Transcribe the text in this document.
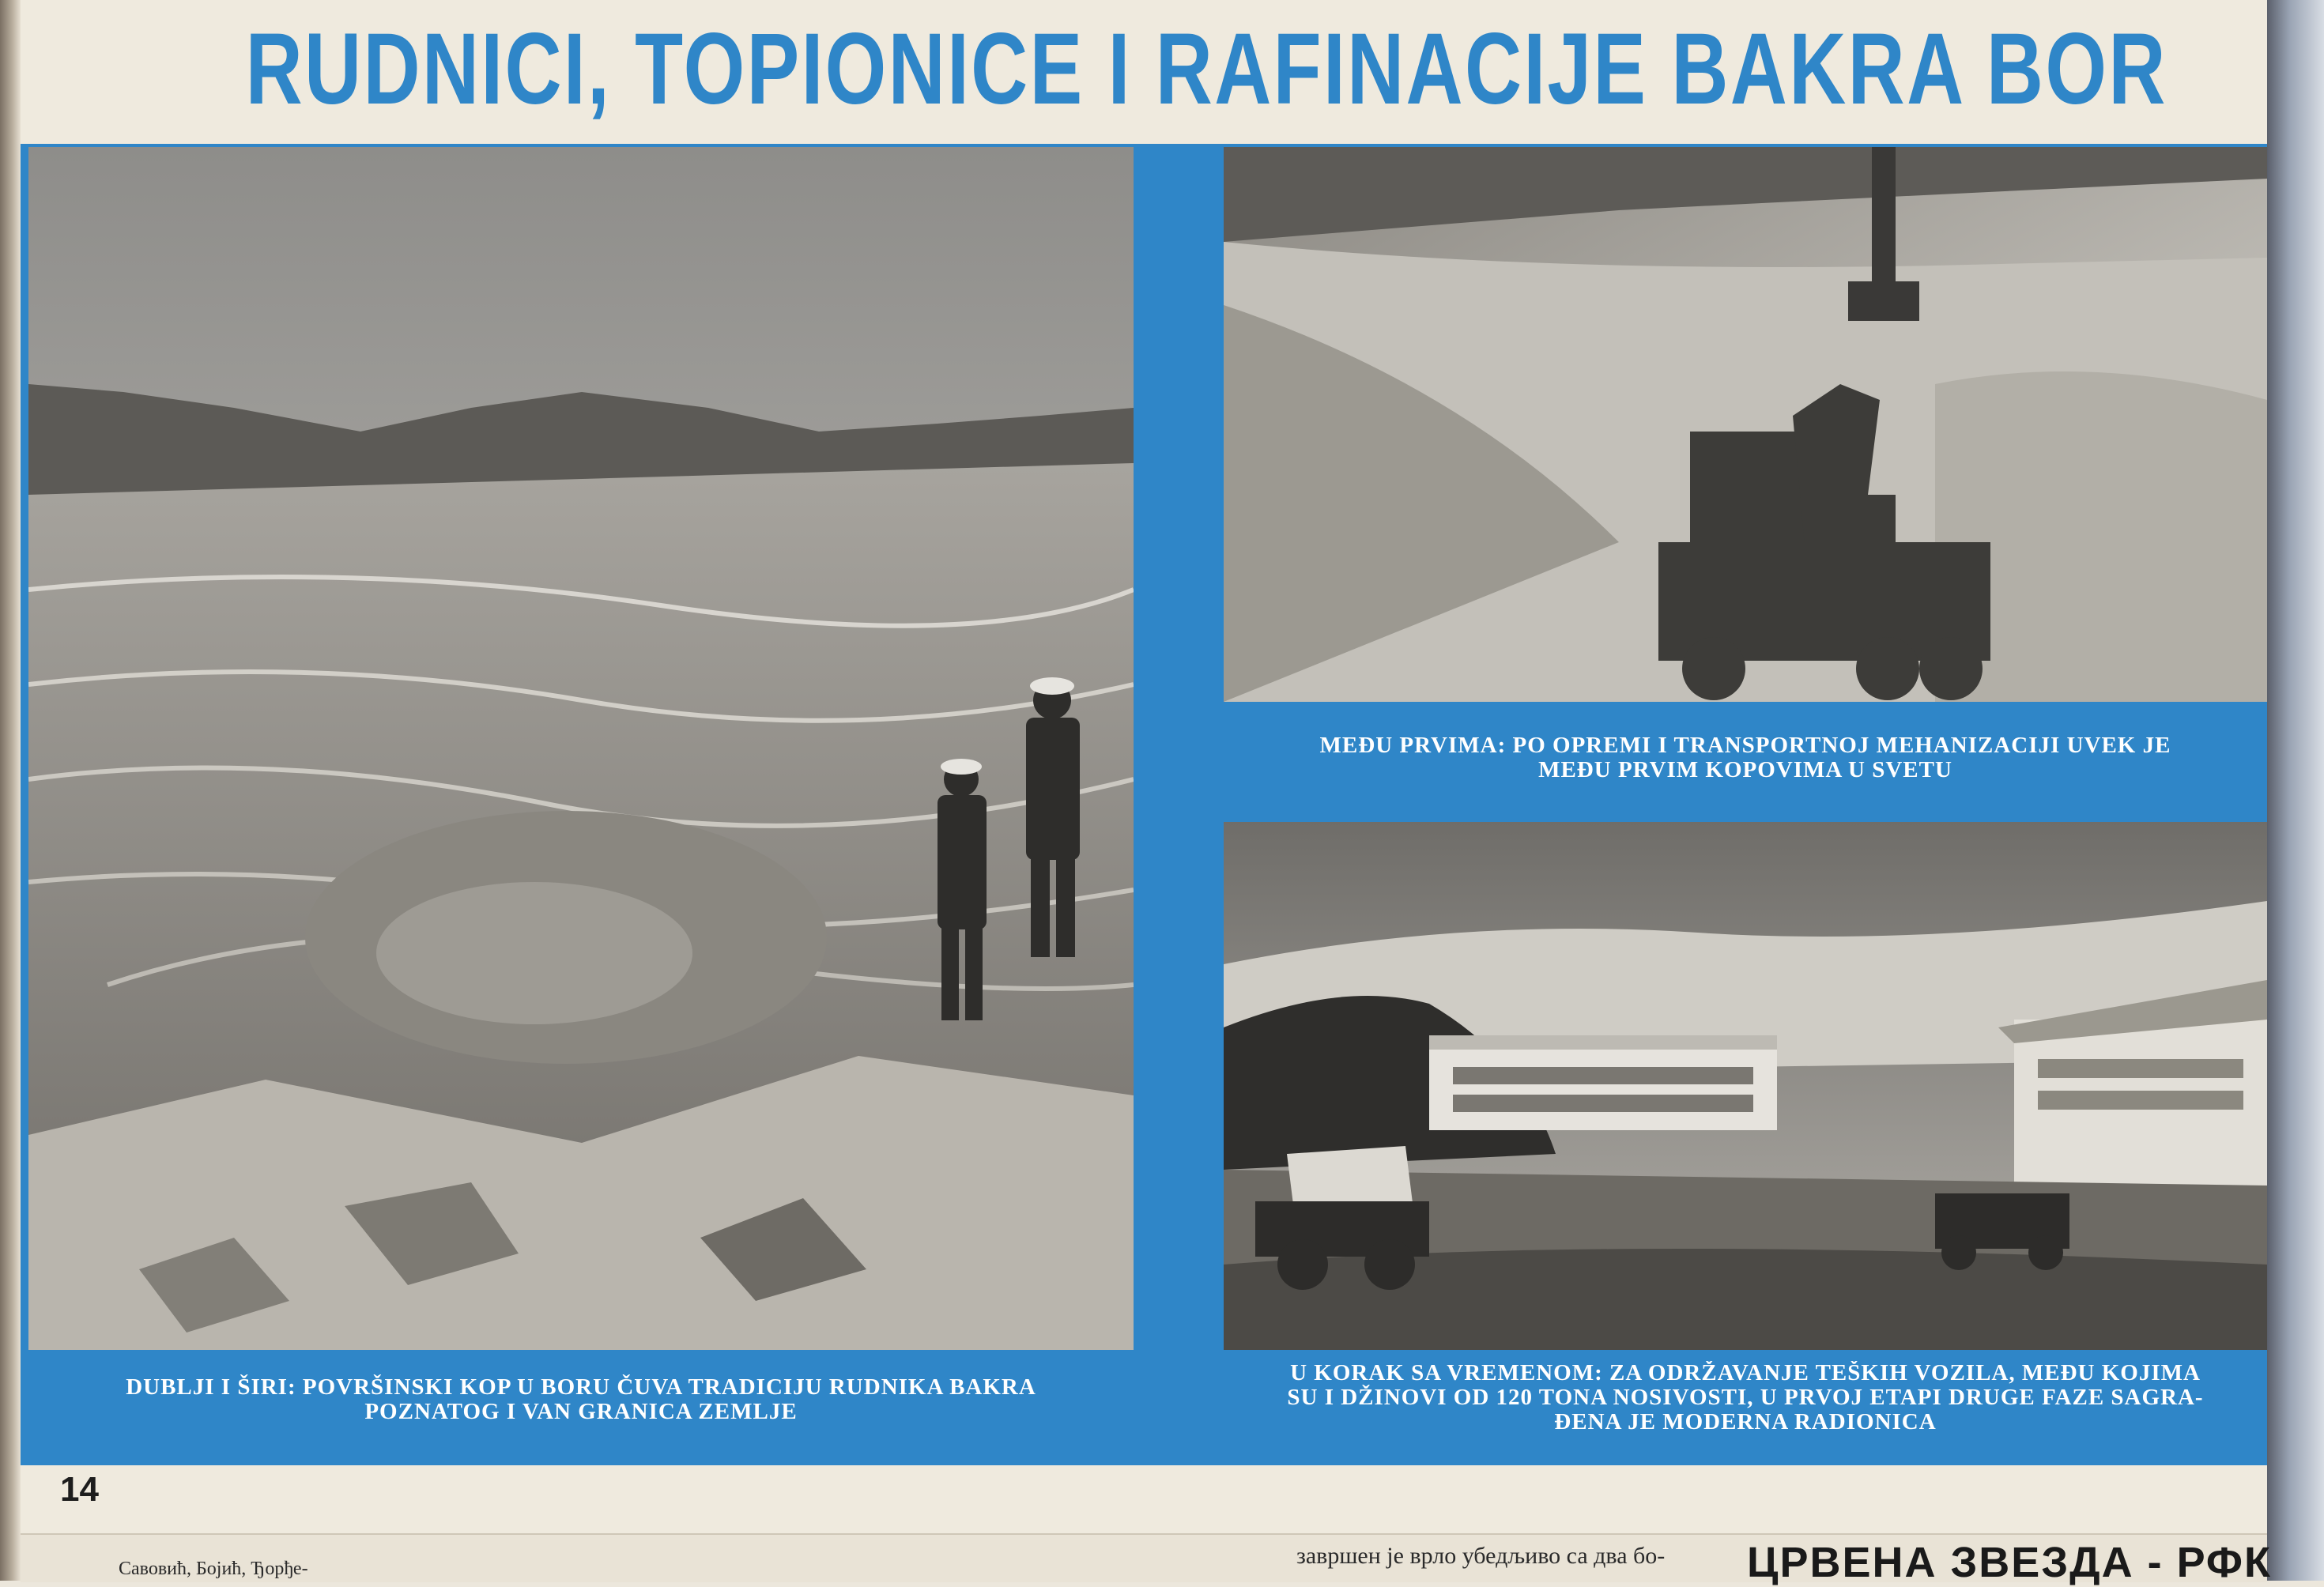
RUDNICI, TOPIONICE I RAFINACIJE BAKRA BOR
DUBLJI I ŠIRI: POVRŠINSKI KOP U BORU ČUVA TRADICIJU RUDNIKA BAKRA
POZNATOG I VAN GRANICA ZEMLJE
MEĐU PRVIMA: PO OPREMI I TRANSPORTNOJ MEHANIZACIJI UVEK JE
MEĐU PRVIM KOPOVIMA U SVETU
U KORAK SA VREMENOM: ZA ODRŽAVANJE TEŠKIH VOZILA, MEĐU KOJIMA
SU I DŽINOVI OD 120 TONA NOSIVOSTI, U PRVOJ ETAPI DRUGE FAZE SAGRA-
ĐENA JE MODERNA RADIONICA
14
Савовић, Бојић, Ђорђе-	завршен је врло убедљиво са два бо- ЦРВЕНА ЗВЕЗДА - РФК
